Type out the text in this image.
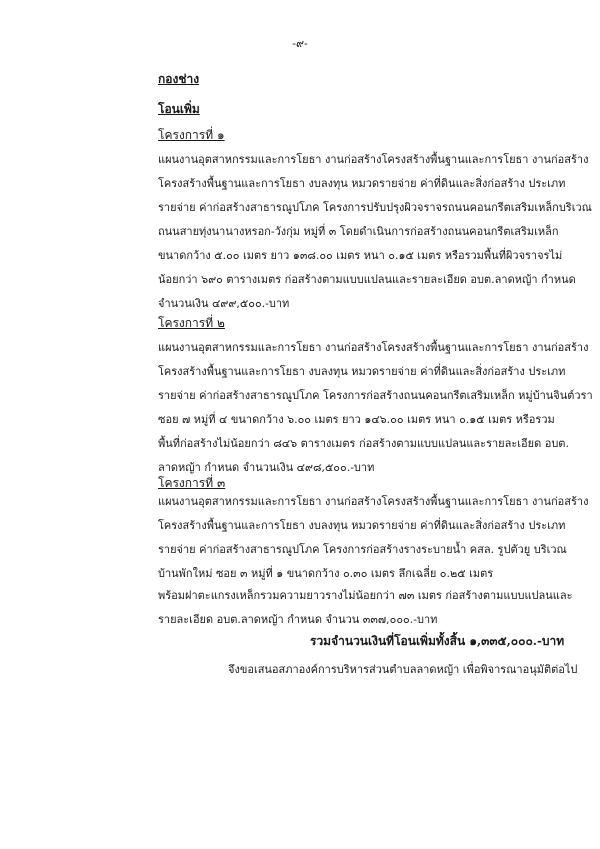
-๙-
กองช่าง
โอนเพิ่ม
โครงการที่ ๑
แผนงานอุตสาหกรรมและการโยธา งานก่อสร้างโครงสร้างพื้นฐานและการโยธา งานก่อสร้าง
โครงสร้างพื้นฐานและการโยธา งบลงทุน หมวดรายจ่าย ค่าที่ดินและสิ่งก่อสร้าง ประเภท
รายจ่าย ค่าก่อสร้างสาธารณูปโภค โครงการปรับปรุงผิวจราจรถนนคอนกรีตเสริมเหล็กบริเวณ
ถนนสายทุ่งนานางหรอก-วังกุ่ม หมู่ที่ ๓ โดยดำเนินการก่อสร้างถนนคอนกรีตเสริมเหล็ก
ขนาดกว้าง ๕.๐๐ เมตร ยาว ๑๓๘.๐๐ เมตร หนา ๐.๑๕ เมตร หรือรวมพื้นที่ผิวจราจรไม่
น้อยกว่า ๖๙๐ ตารางเมตร ก่อสร้างตามแบบแปลนและรายละเอียด อบต.ลาดหญ้า กำหนด
จำนวนเงิน ๔๙๙,๕๐๐.-บาท
โครงการที่ ๒
แผนงานอุตสาหกรรมและการโยธา งานก่อสร้างโครงสร้างพื้นฐานและการโยธา งานก่อสร้าง
โครงสร้างพื้นฐานและการโยธา งบลงทุน หมวดรายจ่าย ค่าที่ดินและสิ่งก่อสร้าง ประเภท
รายจ่าย ค่าก่อสร้างสาธารณูปโภค โครงการก่อสร้างถนนคอนกรีตเสริมเหล็ก หมู่บ้านจินต์วรา
ซอย ๗ หมู่ที่ ๔ ขนาดกว้าง ๖.๐๐ เมตร ยาว ๑๔๖.๐๐ เมตร หนา ๐.๑๕ เมตร หรือรวม
พื้นที่ก่อสร้างไม่น้อยกว่า ๘๔๖ ตารางเมตร ก่อสร้างตามแบบแปลนและรายละเอียด อบต.
ลาดหญ้า กำหนด จำนวนเงิน ๔๙๘,๕๐๐.-บาท
โครงการที่ ๓
แผนงานอุตสาหกรรมและการโยธา งานก่อสร้างโครงสร้างพื้นฐานและการโยธา งานก่อสร้าง
โครงสร้างพื้นฐานและการโยธา งบลงทุน หมวดรายจ่าย ค่าที่ดินและสิ่งก่อสร้าง ประเภท
รายจ่าย ค่าก่อสร้างสาธารณูปโภค โครงการก่อสร้างรางระบายน้ำ คสล. รูปตัวยู บริเวณ
บ้านพักใหม่ ซอย ๓ หมู่ที่ ๑ ขนาดกว้าง ๐.๓๐ เมตร ลึกเฉลี่ย ๐.๒๕ เมตร
พร้อมฝาตะแกรงเหล็กรวมความยาวรางไม่น้อยกว่า ๗๓ เมตร ก่อสร้างตามแบบแปลนและ
รายละเอียด อบต.ลาดหญ้า กำหนด จำนวน ๓๓๗,๐๐๐.-บาท
รวมจำนวนเงินที่โอนเพิ่มทั้งสิ้น ๑,๓๓๕,๐๐๐.-บาท
จึงขอเสนอสภาองค์การบริหารส่วนตำบลลาดหญ้า เพื่อพิจารณาอนุมัติต่อไป
